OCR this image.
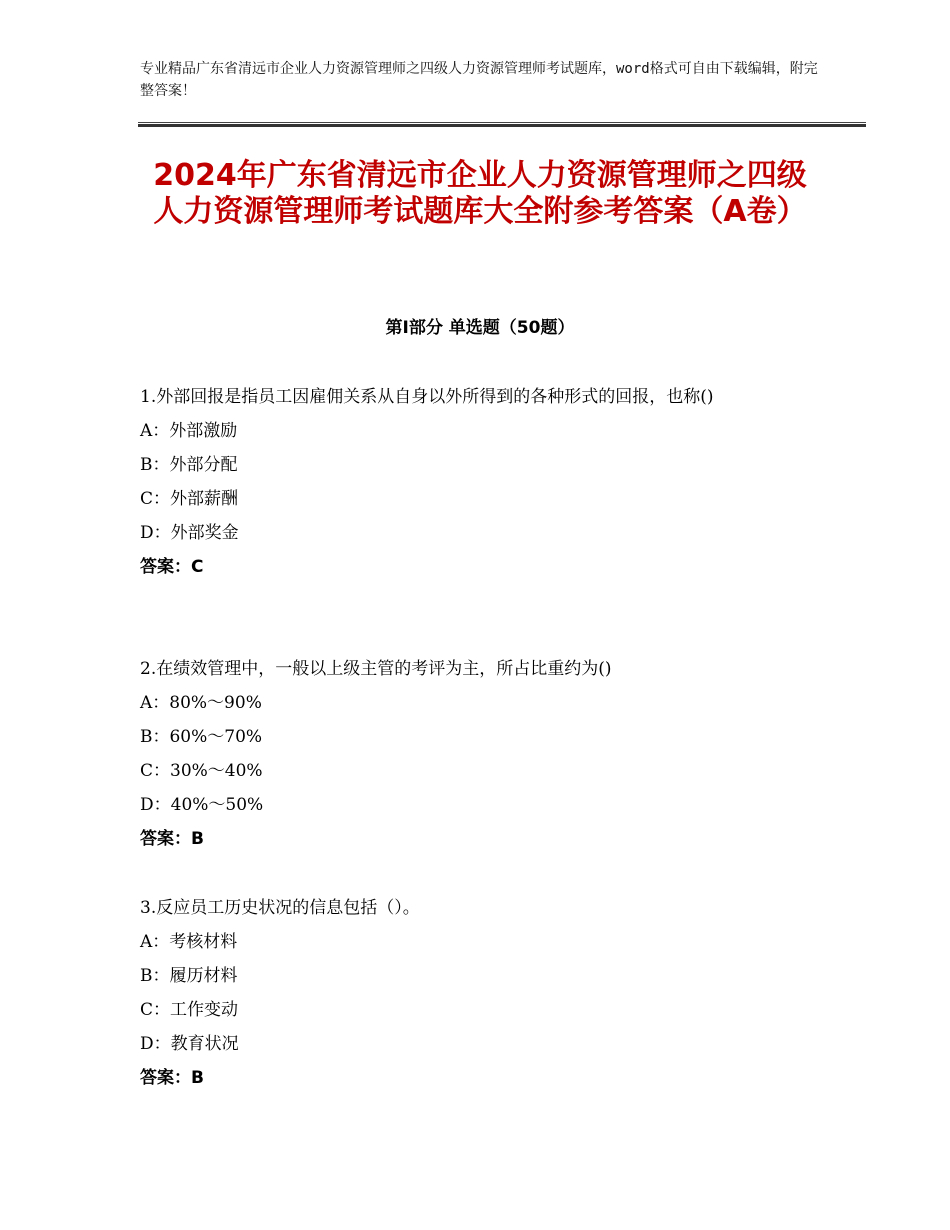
专业精品广东省清远市企业人力资源管理师之四级人力资源管理师考试题库，word格式可自由下载编辑，附完整答案！
2024年广东省清远市企业人力资源管理师之四级人力资源管理师考试题库大全附参考答案（A卷）
第Ⅰ部分 单选题（50题）

1.外部回报是指员工因雇佣关系从自身以外所得到的各种形式的回报，也称()

A：外部激励

B：外部分配

C：外部薪酬

D：外部奖金

答案：C

2.在绩效管理中，一般以上级主管的考评为主，所占比重约为()

A：80%～90%

B：60%～70%

C：30%～40%

D：40%～50%

答案：B

3.反应员工历史状况的信息包括（）。

A：考核材料

B：履历材料

C：工作变动

D：教育状况

答案：B
